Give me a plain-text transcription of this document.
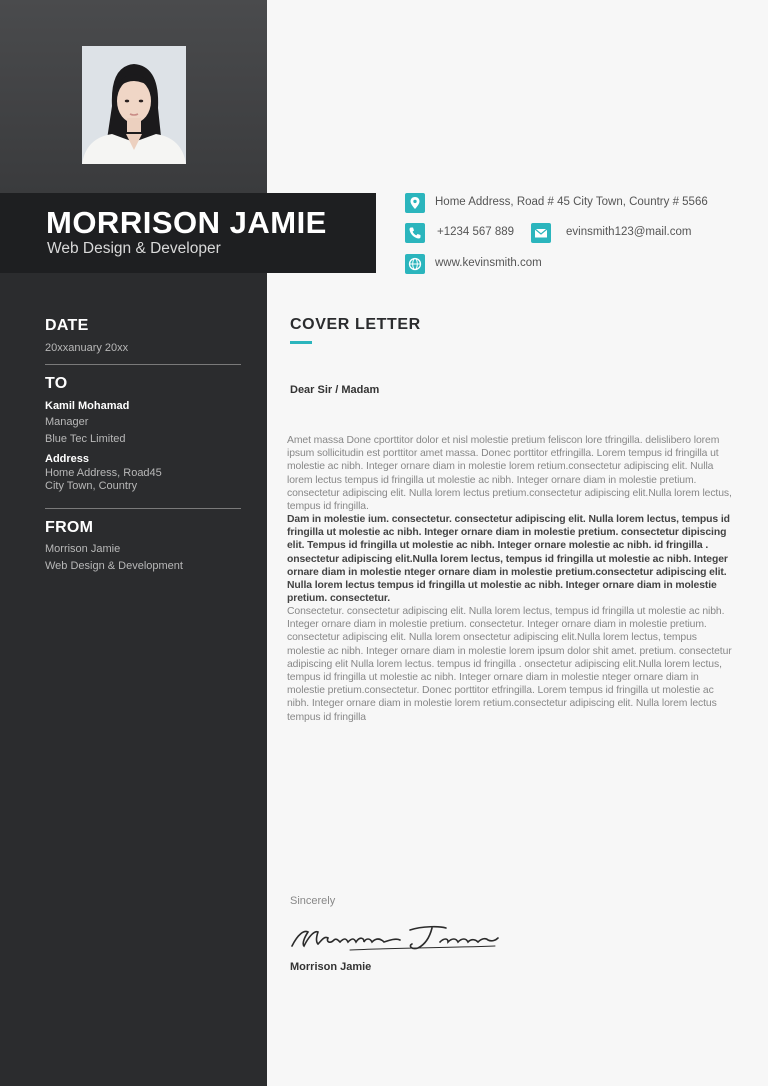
MORRISON JAMIE

Web Design & Developer

Home Address, Road # 45 City Town, Country # 5566

+1234 567 889	evinsmith123@mail.com

www.kevinsmith.com

DATE

20xxanuary 20xx

TO

Kamil Mohamad

Manager

Blue Tec Limited

Address

Home Address, Road45

City Town, Country

FROM

Morrison Jamie

Web Design & Development

COVER LETTER

Dear Sir / Madam

Amet massa Done cporttitor dolor et nisl molestie pretium feliscon lore tfringilla. delislibero lorem ipsum sollicitudin est porttitor amet massa. Donec porttitor etfringilla. Lorem tempus id fringilla ut molestie ac nibh. Integer ornare diam in molestie lorem retium.consectetur adipiscing elit. Nulla lorem lectus tempus id fringilla ut molestie ac nibh. Integer ornare diam in molestie pretium. consectetur adipiscing elit. Nulla lorem lectus pretium.consectetur adipiscing elit.Nulla lorem lectus, tempus id fringilla.

Dam in molestie ium. consectetur. consectetur adipiscing elit. Nulla lorem lectus, tempus id fringilla ut molestie ac nibh. Integer ornare diam in molestie pretium. consectetur dipiscing elit. Tempus id fringilla ut molestie ac nibh. Integer ornare molestie ac nibh. id fringilla . onsectetur adipiscing elit.Nulla lorem lectus, tempus id fringilla ut molestie ac nibh. Integer ornare diam in molestie nteger ornare diam in molestie pretium.consectetur adipiscing elit. Nulla lorem lectus tempus id fringilla ut molestie ac nibh. Integer ornare diam in molestie pretium. consectetur.

Consectetur. consectetur adipiscing elit. Nulla lorem lectus, tempus id fringilla ut molestie ac nibh. Integer ornare diam in molestie pretium. consectetur. Integer ornare diam in molestie pretium. consectetur adipiscing elit. Nulla lorem onsectetur adipiscing elit.Nulla lorem lectus, tempus molestie ac nibh. Integer ornare diam in molestie lorem ipsum dolor shit amet. pretium. consectetur adipiscing elit Nulla lorem lectus. tempus id fringilla . onsectetur adipiscing elit.Nulla lorem lectus, tempus id fringilla ut molestie ac nibh. Integer ornare diam in molestie nteger ornare diam in molestie pretium.consectetur. Donec porttitor etfringilla. Lorem tempus id fringilla ut molestie ac nibh. Integer ornare diam in molestie lorem retium.consectetur adipiscing elit. Nulla lorem lectus tempus id fringilla

Sincerely

Morrison Jamie
